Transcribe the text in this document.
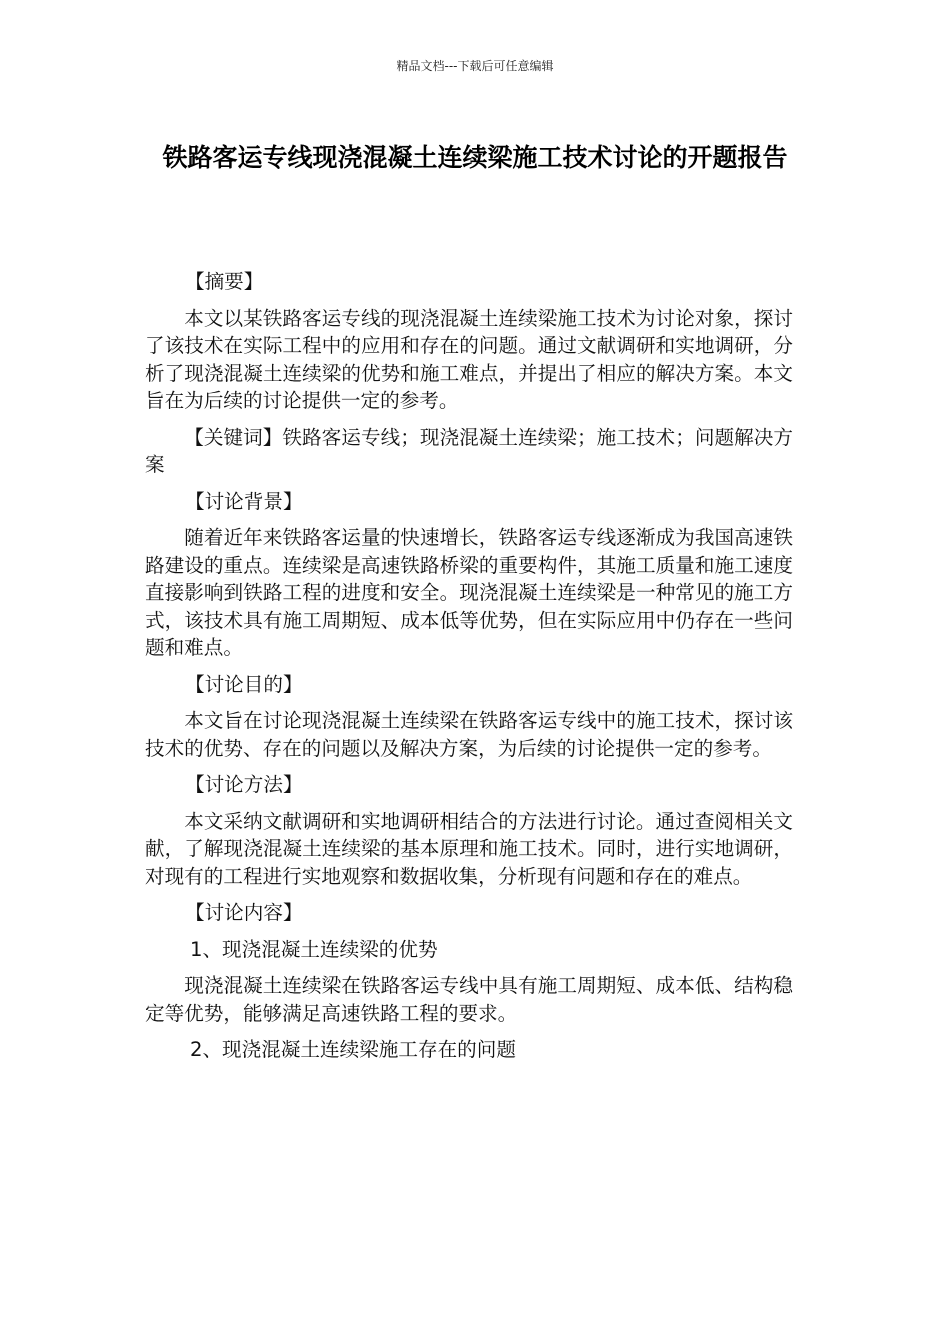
精品文档---下载后可任意编辑
铁路客运专线现浇混凝土连续梁施工技术讨论的开题报告
【摘要】
本文以某铁路客运专线的现浇混凝土连续梁施工技术为讨论对象，探讨了该技术在实际工程中的应用和存在的问题。通过文献调研和实地调研，分析了现浇混凝土连续梁的优势和施工难点，并提出了相应的解决方案。本文旨在为后续的讨论提供一定的参考。
【关键词】铁路客运专线；现浇混凝土连续梁；施工技术；问题解决方案
【讨论背景】
随着近年来铁路客运量的快速增长，铁路客运专线逐渐成为我国高速铁路建设的重点。连续梁是高速铁路桥梁的重要构件，其施工质量和施工速度直接影响到铁路工程的进度和安全。现浇混凝土连续梁是一种常见的施工方式，该技术具有施工周期短、成本低等优势，但在实际应用中仍存在一些问题和难点。
【讨论目的】
本文旨在讨论现浇混凝土连续梁在铁路客运专线中的施工技术，探讨该技术的优势、存在的问题以及解决方案，为后续的讨论提供一定的参考。
【讨论方法】
本文采纳文献调研和实地调研相结合的方法进行讨论。通过查阅相关文献，了解现浇混凝土连续梁的基本原理和施工技术。同时，进行实地调研，对现有的工程进行实地观察和数据收集，分析现有问题和存在的难点。
【讨论内容】
1、现浇混凝土连续梁的优势
现浇混凝土连续梁在铁路客运专线中具有施工周期短、成本低、结构稳定等优势，能够满足高速铁路工程的要求。
2、现浇混凝土连续梁施工存在的问题
